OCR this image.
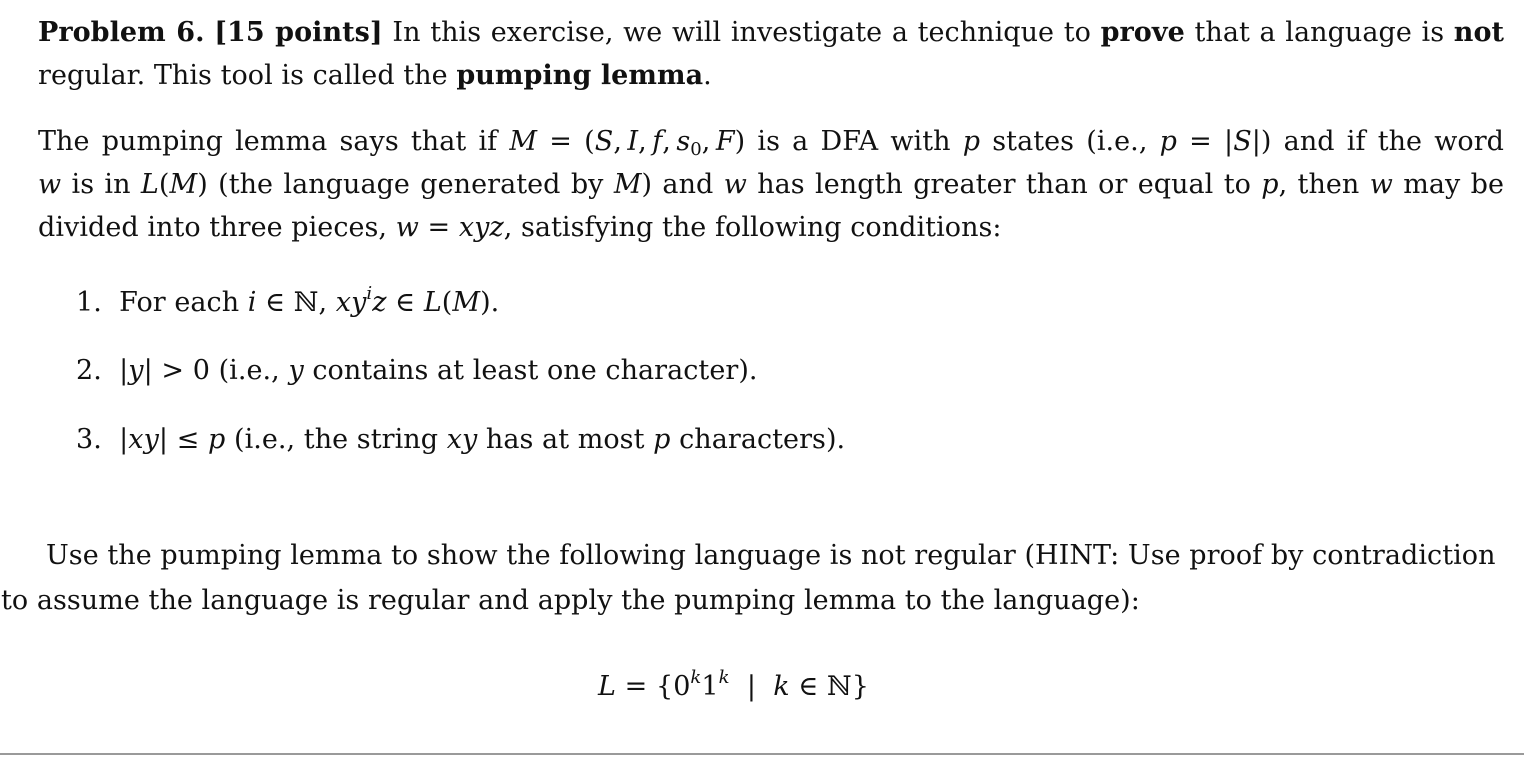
Problem 6. [15 points] In this exercise, we will investigate a technique to prove that a language is not
regular. This tool is called the pumping lemma.
The pumping lemma says that if M = (S, I, f, $s_0$, F) is a DFA with p states (i.e., p = |S|) and if the word
w is in L(M) (the language generated by M) and w has length greater than or equal to p, then w may be
divided into three pieces, w = xyz, satisfying the following conditions:
1. For each i ∈ ℕ, $xy^iz$ ∈ L(M).
2. |y| > 0 (i.e., y contains at least one character).
3. |xy| ≤ p (i.e., the string xy has at most p characters).
Use the pumping lemma to show the following language is not regular (HINT: Use proof by contradiction
to assume the language is regular and apply the pumping lemma to the language):
$L = \{0^k1^k$  |  k ∈ ℕ}
